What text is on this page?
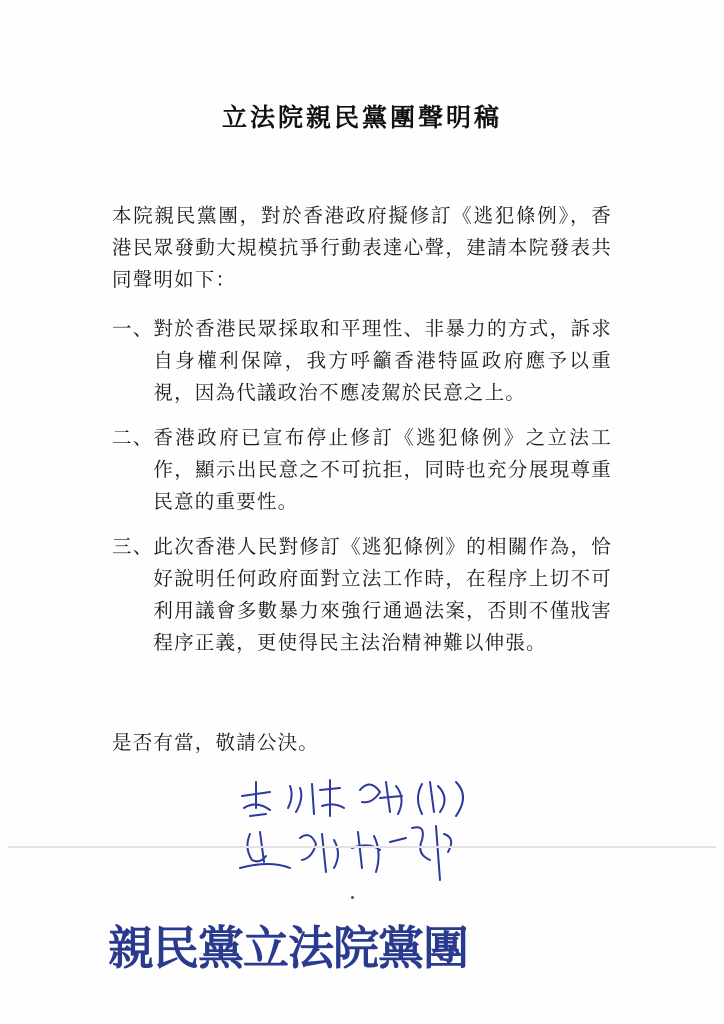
立法院親民黨團聲明稿
本院親民黨團，對於香港政府擬修訂《逃犯條例》，香港民眾發動大規模抗爭行動表達心聲，建請本院發表共同聲明如下：
一、 對於香港民眾採取和平理性、非暴力的方式，訴求自身權利保障，我方呼籲香港特區政府應予以重視，因為代議政治不應凌駕於民意之上。
二、 香港政府已宣布停止修訂《逃犯條例》之立法工作，顯示出民意之不可抗拒，同時也充分展現尊重民意的重要性。
三、 此次香港人民對修訂《逃犯條例》的相關作為，恰好說明任何政府面對立法工作時，在程序上切不可利用議會多數暴力來強行通過法案，否則不僅戕害程序正義，更使得民主法治精神難以伸張。
是否有當，敬請公決。
親民黨立法院黨團
